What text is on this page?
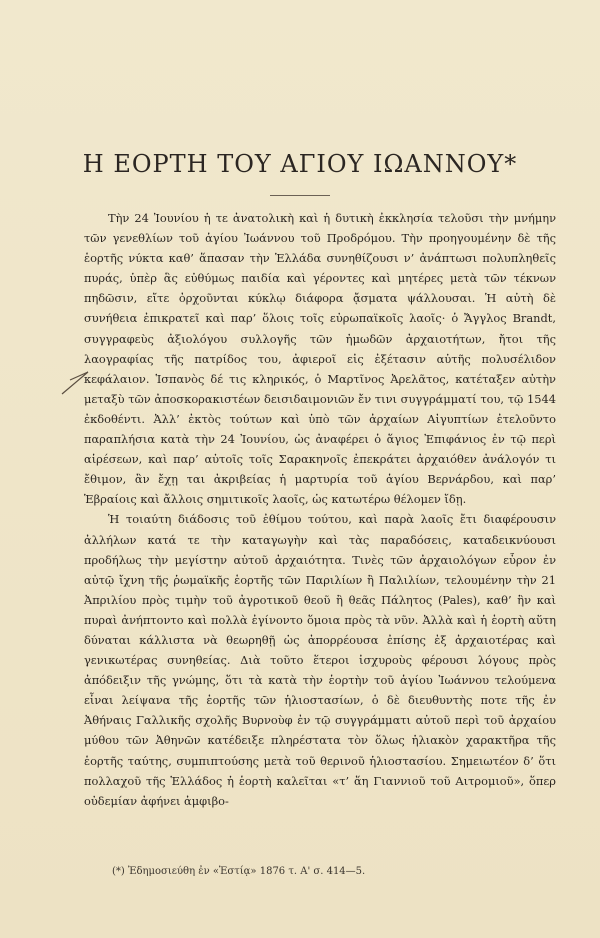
Η ΕΟΡΤΗ ΤΟΥ ΑΓΙΟΥ ΙΩΑΝΝΟΥ*

Τὴν 24 Ἰουνίου ἡ τε ἀνατολικὴ καὶ ἡ δυτικὴ ἐκκλησία τελοῦσι τὴν μνήμην τῶν γενεθλίων τοῦ ἁγίου Ἰωάννου τοῦ Προδρόμου. Τὴν προηγουμένην δὲ τῆς ἑορτῆς νύκτα καθ’ ἅπασαν τὴν Ἑλλάδα συνηθίζουσι ν’ ἀνάπτωσι πολυπληθεῖς πυράς, ὑπὲρ ἃς εὐθύμως παιδία καὶ γέροντες καὶ μητέρες μετὰ τῶν τέκνων πηδῶσιν, εἴτε ὀρχοῦνται κύκλῳ διάφορα ᾄσματα ψάλλουσαι. Ἡ αὐτὴ δὲ συνήθεια ἐπικρατεῖ καὶ παρ’ ὅλοις τοῖς εὐρωπαϊκοῖς λαοῖς· ὁ Ἄγγλος Brandt, συγγραφεὺς ἀξιολόγου συλλογῆς τῶν ἠμωδῶν ἀρχαιοτήτων, ἤτοι τῆς λαογραφίας τῆς πατρίδος του, ἀφιεροῖ εἰς ἐξέτασιν αὐτῆς πολυσέλιδον κεφάλαιον. Ἱσπανὸς δέ τις κληρικός, ὁ Μαρτῖνος Ἀρελᾶτος, κατέταξεν αὐτὴν μεταξὺ τῶν ἀποσκορακιστέων δεισιδαιμονιῶν ἔν τινι συγγράμματί του, τῷ 1544 ἐκδοθέντι. Ἀλλ’ ἐκτὸς τούτων καὶ ὑπὸ τῶν ἀρχαίων Αἰγυπτίων ἐτελοῦντο παραπλήσια κατὰ τὴν 24 Ἰουνίου, ὡς ἀναφέρει ὁ ἅγιος Ἐπιφάνιος ἐν τῷ περὶ αἱρέσεων, καὶ παρ’ αὐτοῖς τοῖς Σαρακηνοῖς ἐπεκράτει ἀρχαιόθεν ἀνάλογόν τι ἔθιμον, ἂν ἔχῃ ται ἀκριβείας ἡ μαρτυρία τοῦ ἁγίου Βερνάρδου, καὶ παρ’ Ἑβραίοις καὶ ἄλλοις σημιτικοῖς λαοῖς, ὡς κατωτέρω θέλομεν ἴδῃ.

Ἡ τοιαύτη διάδοσις τοῦ ἐθίμου τούτου, καὶ παρὰ λαοῖς ἔτι διαφέρουσιν ἀλλήλων κατά τε τὴν καταγωγὴν καὶ τὰς παραδόσεις, καταδεικνύουσι προδήλως τὴν μεγίστην αὐτοῦ ἀρχαιότητα. Τινὲς τῶν ἀρχαιολόγων εὗρον ἐν αὐτῷ ἴχνη τῆς ῥωμαϊκῆς ἑορτῆς τῶν Παριλίων ἢ Παλιλίων, τελουμένην τὴν 21 Ἀπριλίου πρὸς τιμὴν τοῦ ἀγροτικοῦ θεοῦ ἢ θεᾶς Πάλητος (Pales), καθ’ ἣν καὶ πυραὶ ἀνήπτοντο καὶ πολλὰ ἐγίνοντο ὅμοια πρὸς τὰ νῦν. Ἀλλὰ καὶ ἡ ἑορτὴ αὕτη δύναται κάλλιστα νὰ θεωρηθῇ ὡς ἀπορρέουσα ἐπίσης ἐξ ἀρχαιοτέρας καὶ γενικωτέρας συνηθείας. Διὰ τοῦτο ἕτεροι ἰσχυροὺς φέρουσι λόγους πρὸς ἀπόδειξιν τῆς γνώμης, ὅτι τὰ κατὰ τὴν ἑορτὴν τοῦ ἁγίου Ἰωάννου τελούμενα εἶναι λείψανα τῆς ἑορτῆς τῶν ἡλιοστασίων, ὁ δὲ διευθυντὴς ποτε τῆς ἐν Ἀθήναις Γαλλικῆς σχολῆς Βυρνοὺφ ἐν τῷ συγγράμματι αὐτοῦ περὶ τοῦ ἀρχαίου μύθου τῶν Ἀθηνῶν κατέδειξε πληρέστατα τὸν ὅλως ἡλιακὸν χαρακτῆρα τῆς ἑορτῆς ταύτης, συμπιπτούσης μετὰ τοῦ θερινοῦ ἡλιοστασίου. Σημειωτέον δ’ ὅτι πολλαχοῦ τῆς Ἑλλάδος ἡ ἑορτὴ καλεῖται «τ’ ἅη Γιαννιοῦ τοῦ Αιτρομιοῦ», ὅπερ οὐδεμίαν ἀφήνει ἀμφιβο-

(*) Ἐδημοσιεύθη ἐν «Ἑστίᾳ» 1876 τ. Α' σ. 414—5.
